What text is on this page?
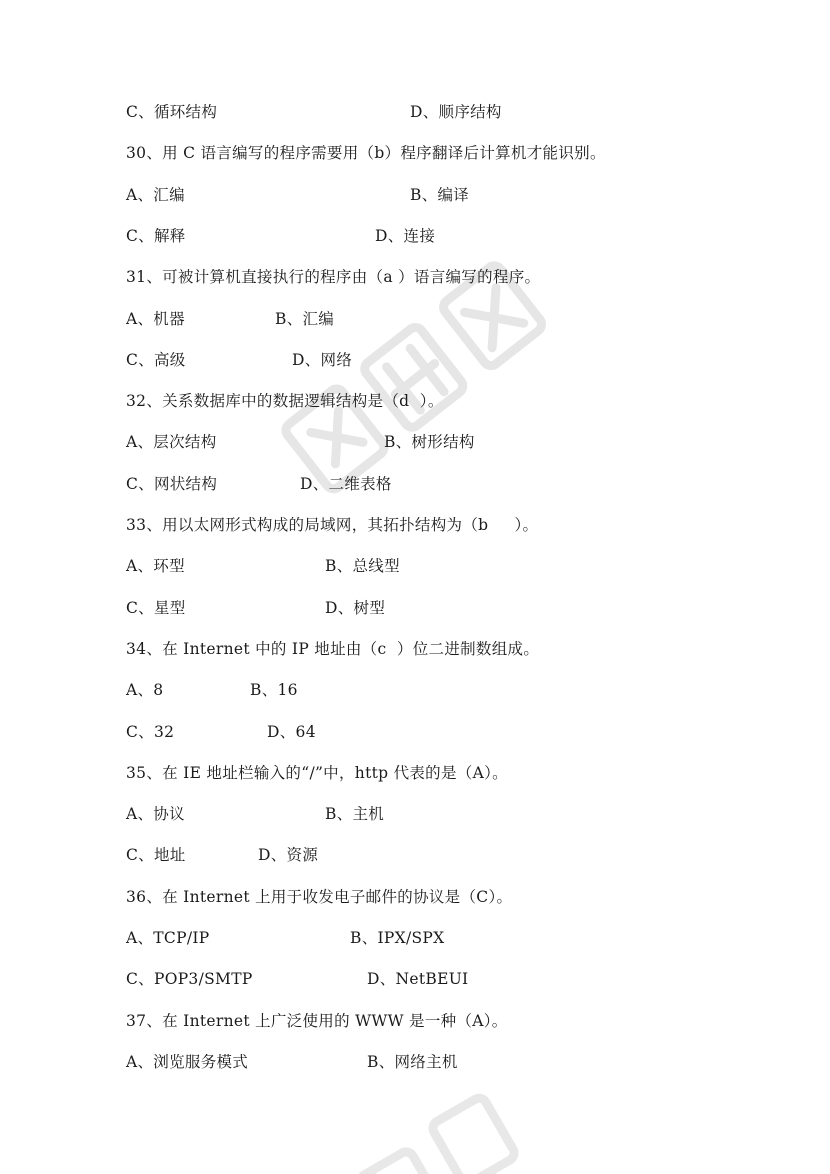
C、循环结构	D、顺序结构
30、用 C 语言编写的程序需要用（b）程序翻译后计算机才能识别。
A、汇编	B、编译
C、解释	D、连接
31、可被计算机直接执行的程序由（a ）语言编写的程序。
A、机器	B、汇编
C、高级	D、网络
32、关系数据库中的数据逻辑结构是（d  ）。
A、层次结构	B、树形结构
C、网状结构	D、二维表格
33、用以太网形式构成的局域网，其拓扑结构为（b     ）。
A、环型	B、总线型
C、星型	D、树型
34、在 Internet 中的 IP 地址由（c  ）位二进制数组成。
A、8	B、16
C、32	D、64
35、在 IE 地址栏输入的“/”中，http 代表的是（A）。
A、协议	B、主机
C、地址	D、资源
36、在 Internet 上用于收发电子邮件的协议是（C）。
A、TCP/IP	B、IPX/SPX
C、POP3/SMTP	D、NetBEUI
37、在 Internet 上广泛使用的 WWW 是一种（A）。
A、浏览服务模式	B、网络主机
